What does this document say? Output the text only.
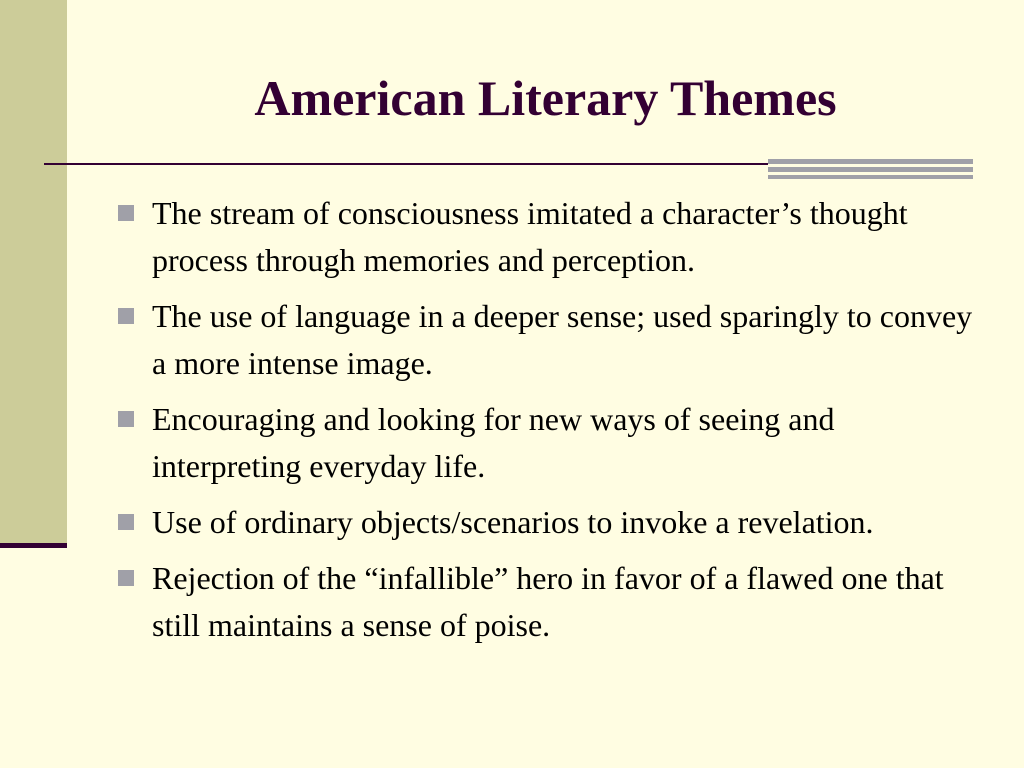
American Literary Themes
The stream of consciousness imitated a character’s thought process through memories and perception.
The use of language in a deeper sense; used sparingly to convey a more intense image.
Encouraging and looking for new ways of seeing and interpreting everyday life.
Use of ordinary objects/scenarios to invoke a revelation.
Rejection of the “infallible” hero in favor of a flawed one that still maintains a sense of poise.
